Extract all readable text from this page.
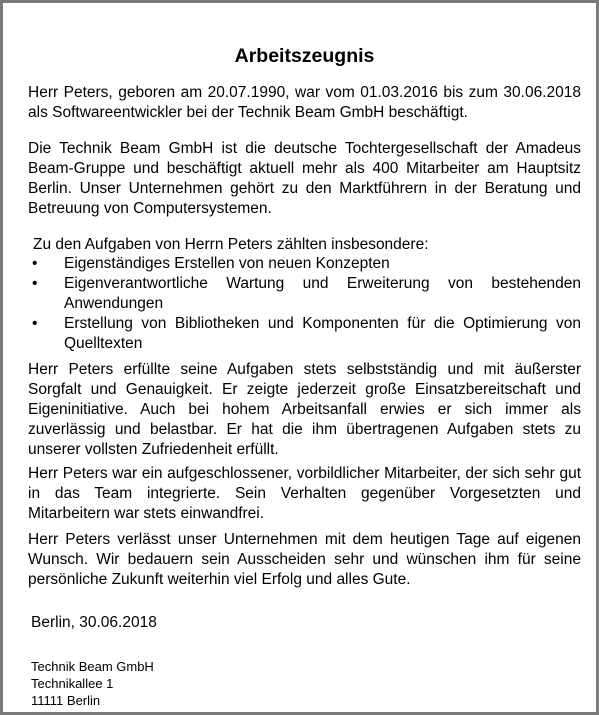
Arbeitszeugnis
Herr Peters, geboren am 20.07.1990, war vom 01.03.2016 bis zum 30.06.2018 als Softwareentwickler bei der Technik Beam GmbH beschäftigt.
Die Technik Beam GmbH ist die deutsche Tochtergesellschaft der Amadeus Beam-Gruppe und beschäftigt aktuell mehr als 400 Mitarbeiter am Hauptsitz Berlin. Unser Unternehmen gehört zu den Marktführern in der Beratung und Betreuung von Computersystemen.
Zu den Aufgaben von Herrn Peters zählten insbesondere:
• Eigenständiges Erstellen von neuen Konzepten
• Eigenverantwortliche Wartung und Erweiterung von bestehenden Anwendungen
• Erstellung von Bibliotheken und Komponenten für die Optimierung von Quelltexten
Herr Peters erfüllte seine Aufgaben stets selbstständig und mit äußerster Sorgfalt und Genauigkeit. Er zeigte jederzeit große Einsatzbereitschaft und Eigeninitiative. Auch bei hohem Arbeitsanfall erwies er sich immer als zuverlässig und belastbar. Er hat die ihm übertragenen Aufgaben stets zu unserer vollsten Zufriedenheit erfüllt.
Herr Peters war ein aufgeschlossener, vorbildlicher Mitarbeiter, der sich sehr gut in das Team integrierte. Sein Verhalten gegenüber Vorgesetzten und Mitarbeitern war stets einwandfrei.
Herr Peters verlässt unser Unternehmen mit dem heutigen Tage auf eigenen Wunsch. Wir bedauern sein Ausscheiden sehr und wünschen ihm für seine persönliche Zukunft weiterhin viel Erfolg und alles Gute.
Berlin, 30.06.2018
Technik Beam GmbH
Technikallee 1
11111 Berlin
